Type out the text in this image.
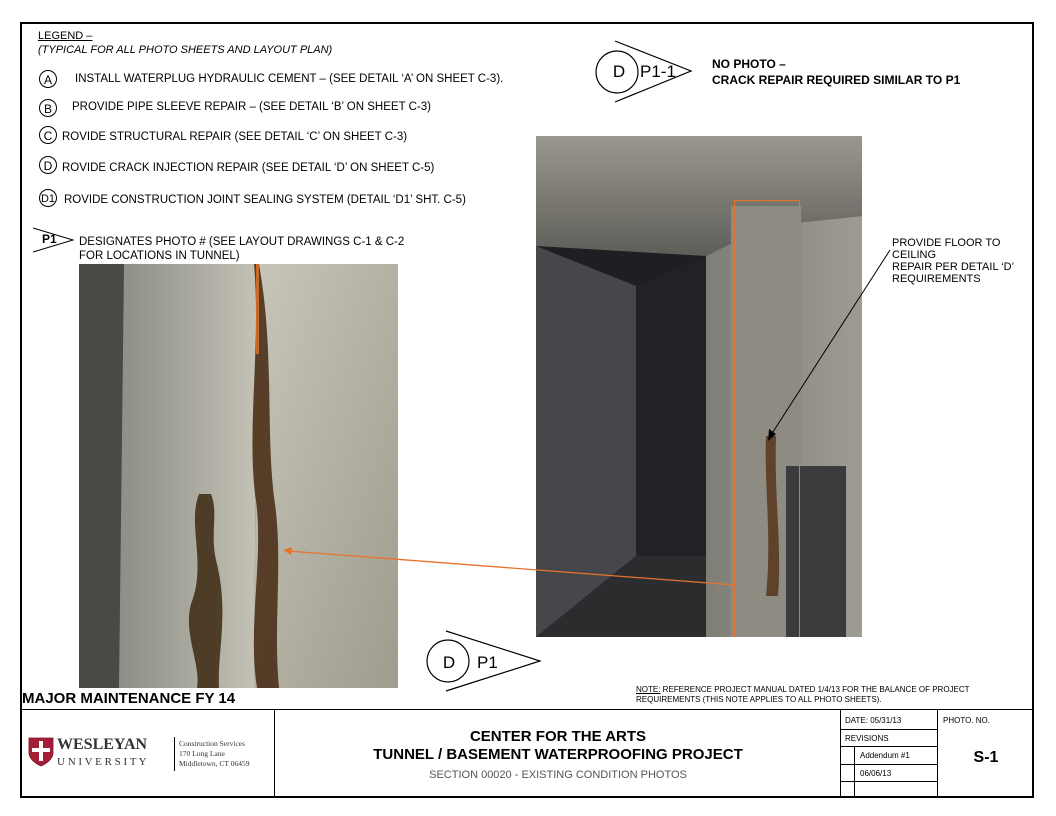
LEGEND –
(TYPICAL FOR ALL PHOTO SHEETS AND LAYOUT PLAN)
A	INSTALL WATERPLUG HYDRAULIC CEMENT – (SEE DETAIL ‘A’ ON SHEET C-3).
B	PROVIDE PIPE SLEEVE REPAIR – (SEE DETAIL ‘B’ ON SHEET C-3)
C ROVIDE STRUCTURAL REPAIR (SEE DETAIL ‘C’ ON SHEET C-3)
D ROVIDE CRACK INJECTION REPAIR (SEE DETAIL ‘D’ ON SHEET C-5)
D1 ROVIDE CONSTRUCTION JOINT SEALING SYSTEM (DETAIL ‘D1’ SHT. C-5)
P1 DESIGNATES PHOTO # (SEE LAYOUT DRAWINGS C-1 & C-2
FOR LOCATIONS IN TUNNEL)
D P1-1	NO PHOTO –
CRACK REPAIR REQUIRED SIMILAR TO P1
PROVIDE FLOOR TO
CEILING
REPAIR PER DETAIL ‘D’
REQUIREMENTS
D	P1
MAJOR MAINTENANCE FY 14
NOTE: REFERENCE PROJECT MANUAL DATED 1/4/13 FOR THE BALANCE OF PROJECT REQUIREMENTS (THIS NOTE APPLIES TO ALL PHOTO SHEETS).
WESLEYAN
U N I V E R S I T Y
Construction Services
170 Long Lane
Middletown, CT 06459
CENTER FOR THE ARTS
TUNNEL / BASEMENT WATERPROOFING PROJECT
SECTION 00020 - EXISTING CONDITION PHOTOS
DATE: 05/31/13
REVISIONS
Addendum #1
06/06/13
PHOTO. NO.
S-1
